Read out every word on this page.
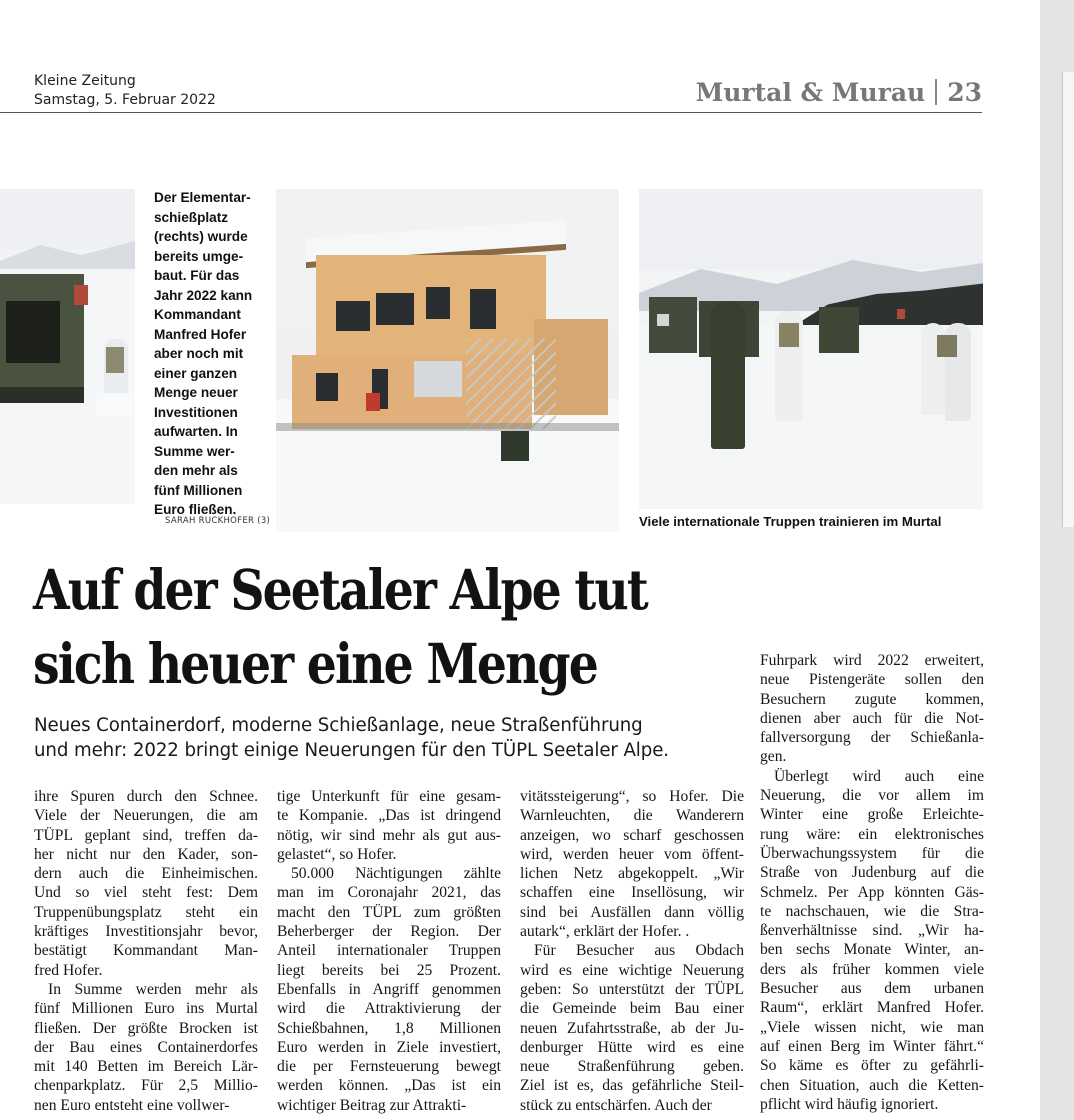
Kleine Zeitung
Samstag, 5. Februar 2022	Murtal & Murau 23
SARAH RUCKHOFER (3)
Der Elementar-
schießplatz
(rechts) wurde
bereits umge-
baut. Für das
Jahr 2022 kann
Kommandant
Manfred Hofer
aber noch mit
einer ganzen
Menge neuer
Investitionen
aufwarten. In
Summe wer-
den mehr als
fünf Millionen
Euro fließen.
Viele internationale Truppen trainieren im Murtal
Auf der Seetaler Alpe tut
sich heuer eine Menge
Neues Containerdorf, moderne Schießanlage, neue Straßenführung
und mehr: 2022 bringt einige Neuerungen für den TÜPL Seetaler Alpe.
ihre Spuren durch den Schnee.
Viele der Neuerungen, die am
TÜPL geplant sind, treffen da-
her nicht nur den Kader, son-
dern auch die Einheimischen.
Und so viel steht fest: Dem
Truppenübungsplatz steht ein
kräftiges Investitionsjahr bevor,
bestätigt Kommandant Man-
fred Hofer.
In Summe werden mehr als
fünf Millionen Euro ins Murtal
fließen. Der größte Brocken ist
der Bau eines Containerdorfes
mit 140 Betten im Bereich Lär-
chenparkplatz. Für 2,5 Millio-
nen Euro entsteht eine vollwer-
tige Unterkunft für eine gesam-
te Kompanie. „Das ist dringend
nötig, wir sind mehr als gut aus-
gelastet“, so Hofer.
50.000 Nächtigungen zählte
man im Coronajahr 2021, das
macht den TÜPL zum größten
Beherberger der Region. Der
Anteil internationaler Truppen
liegt bereits bei 25 Prozent.
Ebenfalls in Angriff genommen
wird die Attraktivierung der
Schießbahnen, 1,8 Millionen
Euro werden in Ziele investiert,
die per Fernsteuerung bewegt
werden können. „Das ist ein
wichtiger Beitrag zur Attrakti-
vitätssteigerung“, so Hofer. Die
Warnleuchten, die Wanderern
anzeigen, wo scharf geschossen
wird, werden heuer vom öffent-
lichen Netz abgekoppelt. „Wir
schaffen eine Insellösung, wir
sind bei Ausfällen dann völlig
autark“, erklärt der Hofer. .
Für Besucher aus Obdach
wird es eine wichtige Neuerung
geben: So unterstützt der TÜPL
die Gemeinde beim Bau einer
neuen Zufahrtsstraße, ab der Ju-
denburger Hütte wird es eine
neue Straßenführung geben.
Ziel ist es, das gefährliche Steil-
stück zu entschärfen. Auch der
Fuhrpark wird 2022 erweitert,
neue Pistengeräte sollen den
Besuchern zugute kommen,
dienen aber auch für die Not-
fallversorgung der Schießanla-
gen.
Überlegt wird auch eine
Neuerung, die vor allem im
Winter eine große Erleichte-
rung wäre: ein elektronisches
Überwachungssystem für die
Straße von Judenburg auf die
Schmelz. Per App könnten Gäs-
te nachschauen, wie die Stra-
ßenverhältnisse sind. „Wir ha-
ben sechs Monate Winter, an-
ders als früher kommen viele
Besucher aus dem urbanen
Raum“, erklärt Manfred Hofer.
„Viele wissen nicht, wie man
auf einen Berg im Winter fährt.“
So käme es öfter zu gefährli-
chen Situation, auch die Ketten-
pflicht wird häufig ignoriert.
